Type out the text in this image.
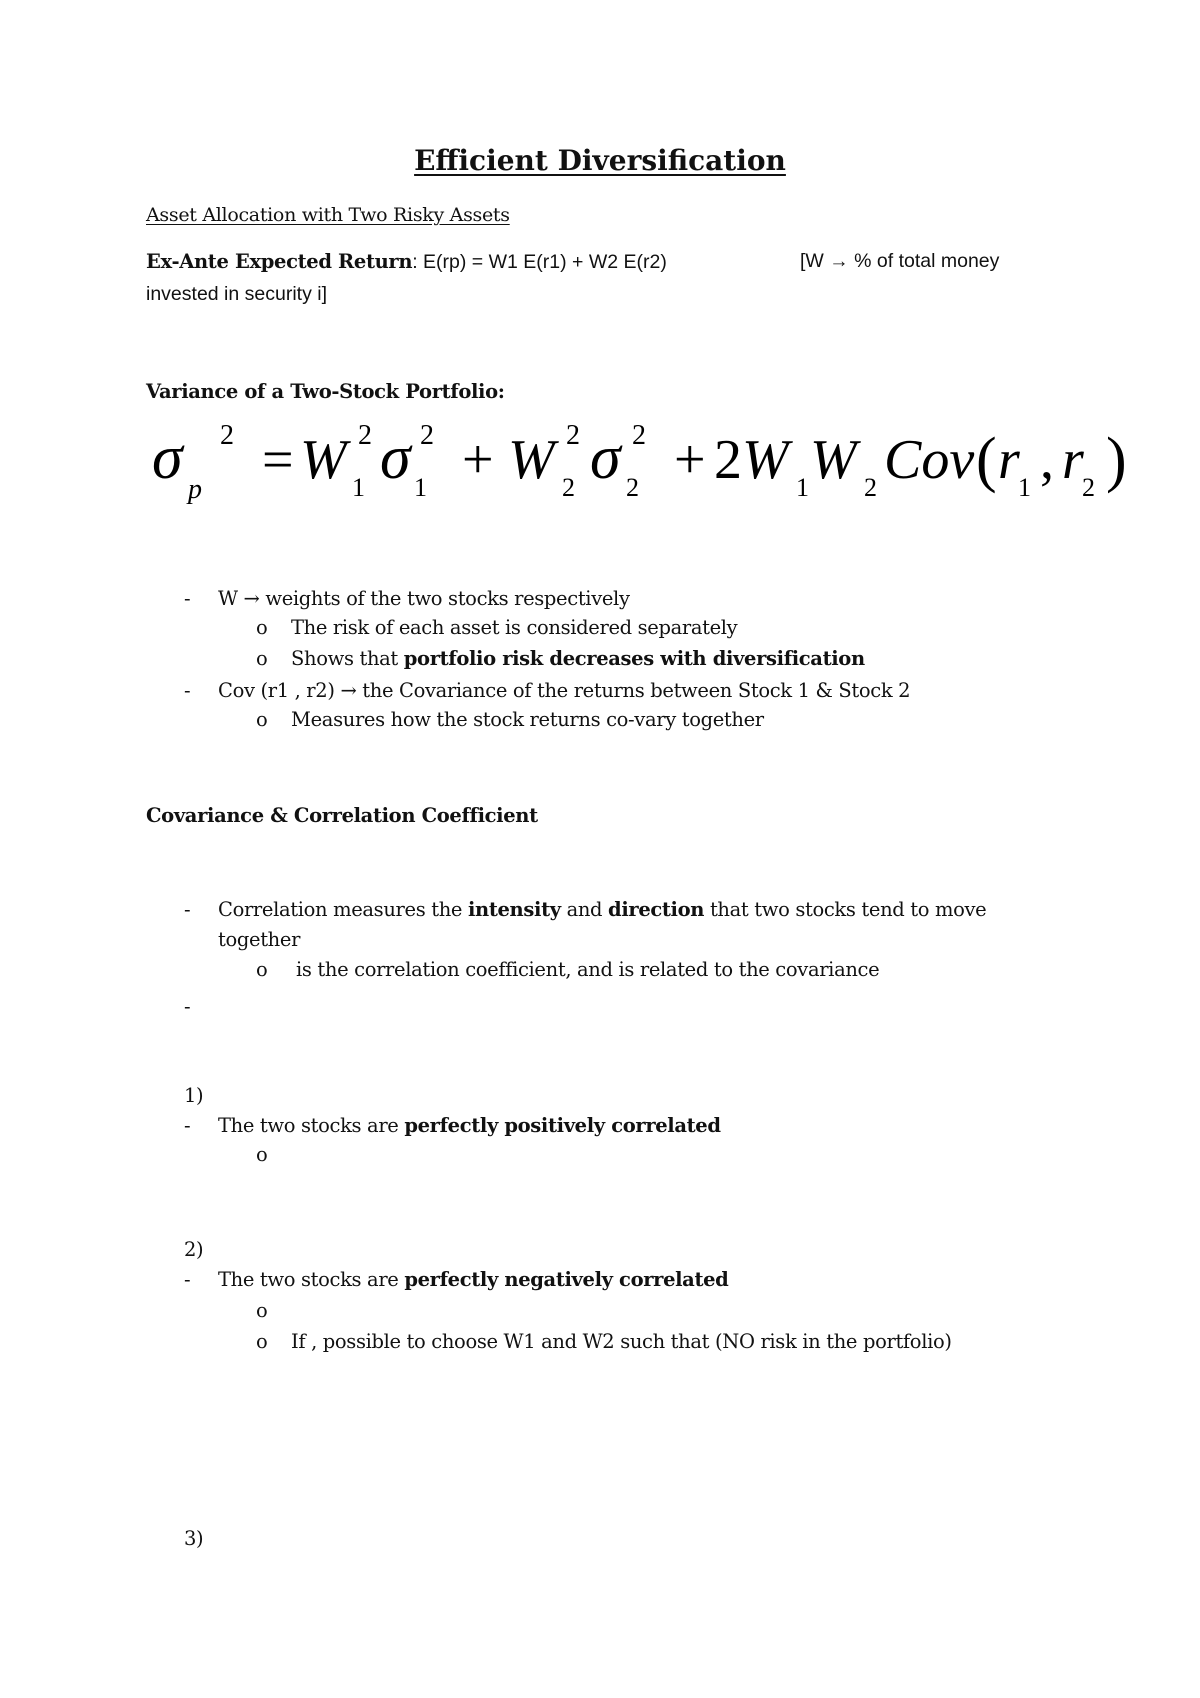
Efficient Diversification
Asset Allocation with Two Risky Assets
Ex-Ante Expected Return: E(rp) = W1 E(r1) + W2 E(r2)	[W → % of total money
invested in security i]
Variance of a Two-Stock Portfolio:
σ p
2 = W 1
2 σ 1
2 + W 2
2 σ 2
2 + 2 W 1 W 2 Cov ( r
1 , r
2 )
- W → weights of the two stocks respectively
o The risk of each asset is considered separately
o Shows that portfolio risk decreases with diversification
- Cov (r1 , r2) → the Covariance of the returns between Stock 1 & Stock 2
o Measures how the stock returns co-vary together
Covariance & Correlation Coefficient
- Correlation measures the intensity and direction that two stocks tend to move
together
o is the correlation coefficient, and is related to the covariance
-
1)
- The two stocks are perfectly positively correlated
o
2)
- The two stocks are perfectly negatively correlated
o
o If , possible to choose W1 and W2 such that (NO risk in the portfolio)
3)
